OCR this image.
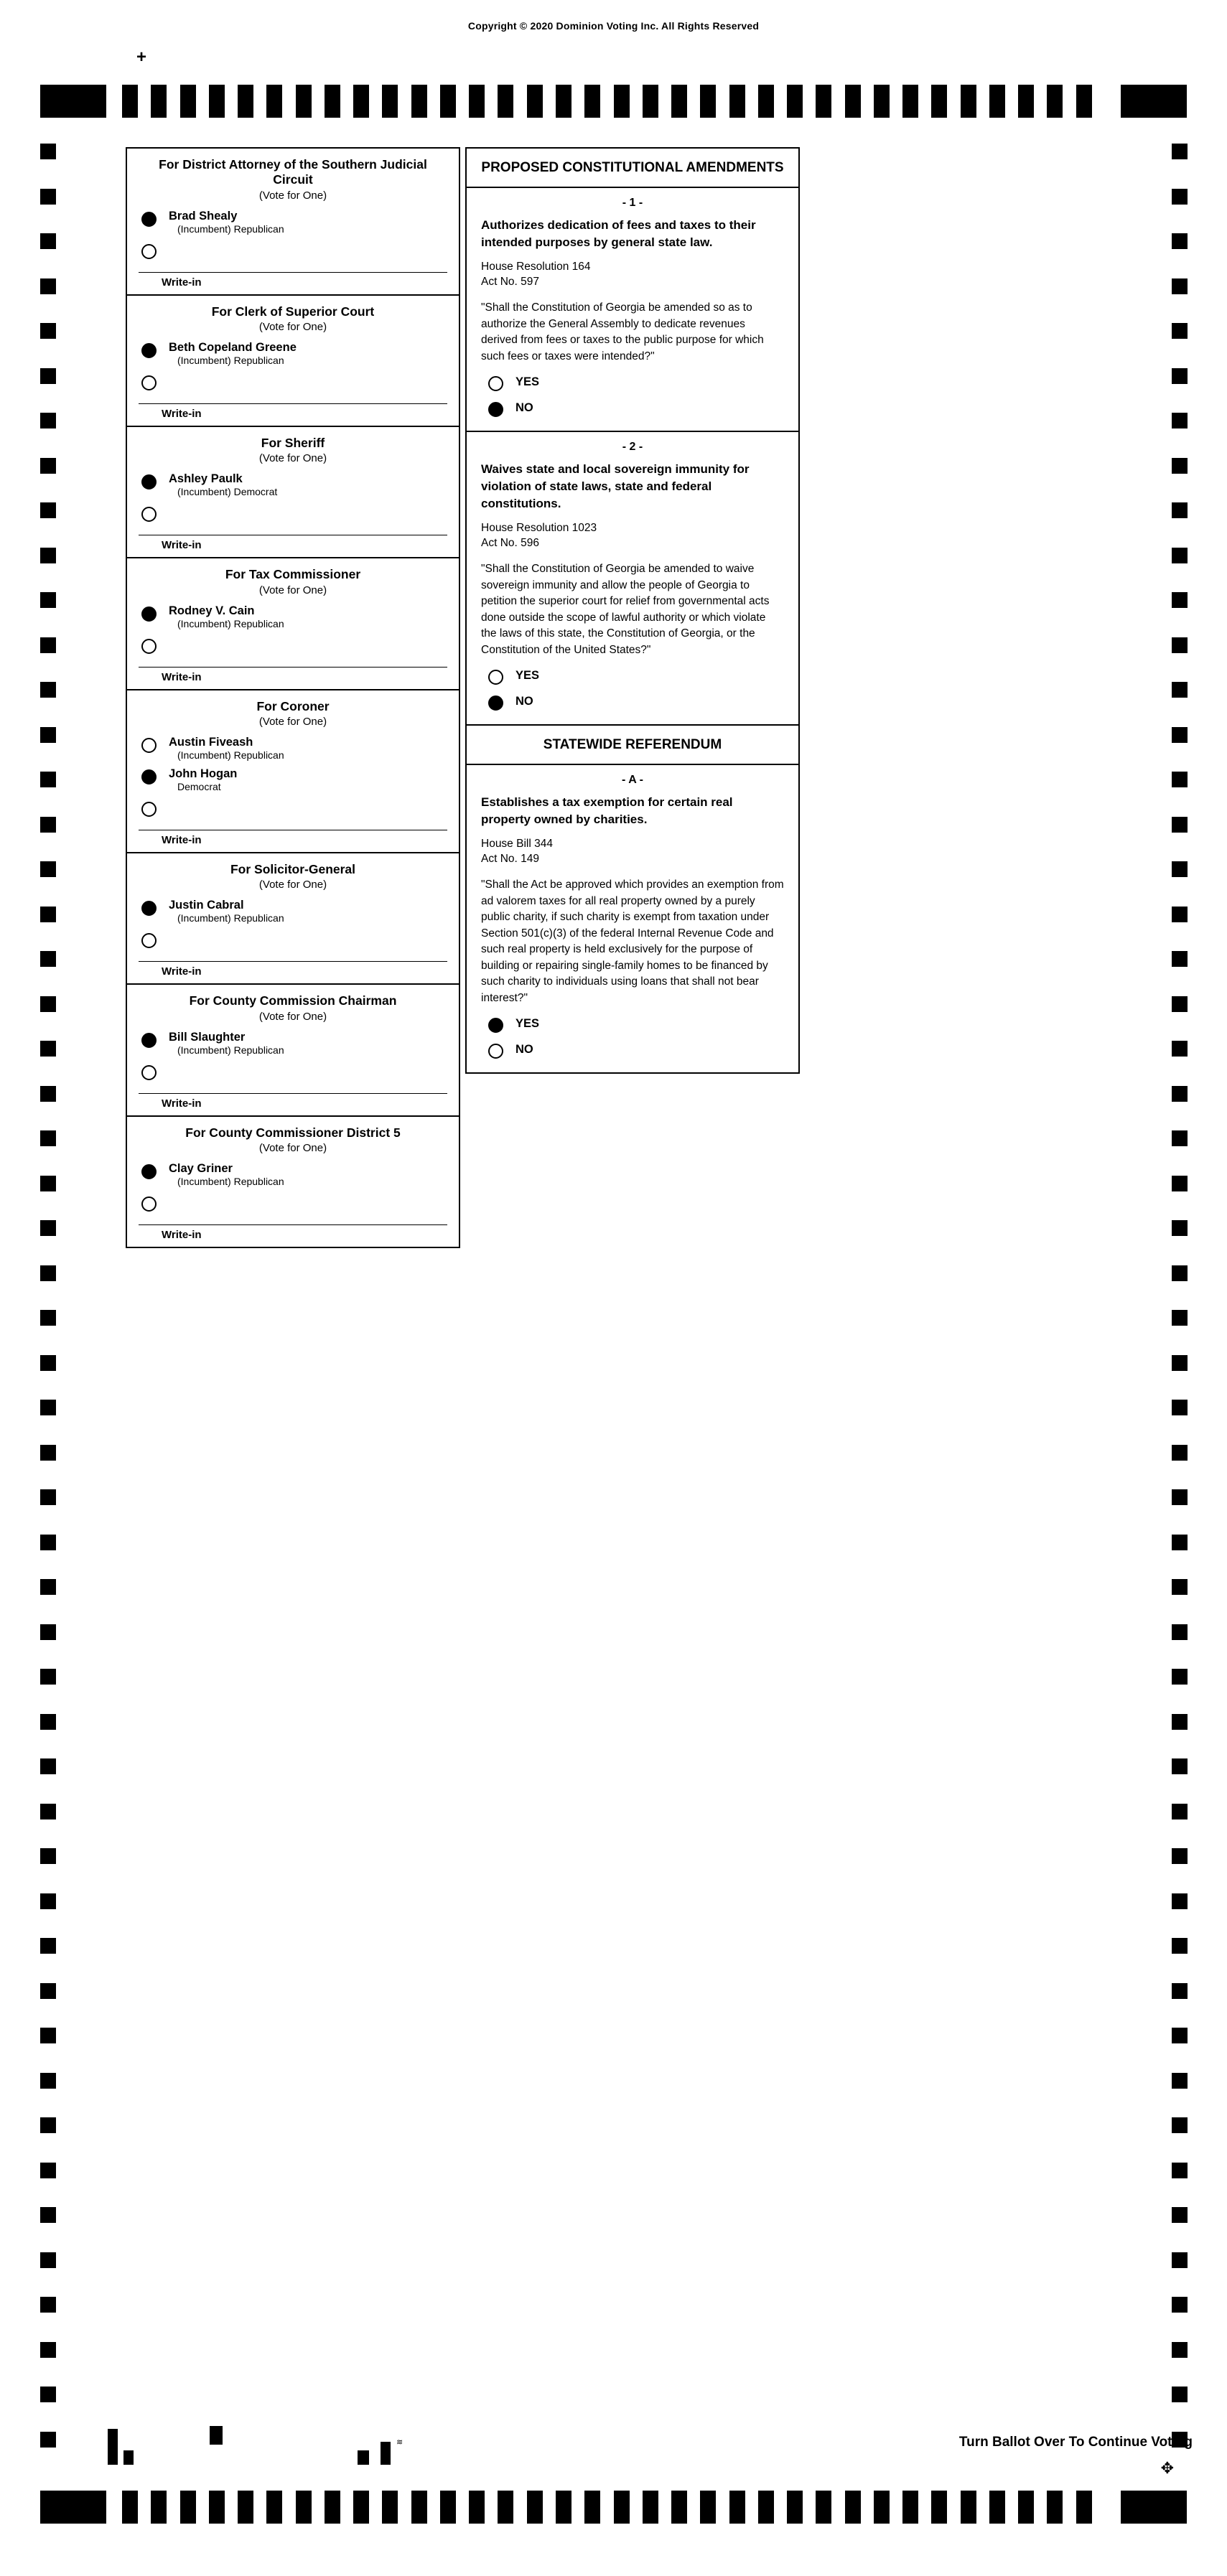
Copyright © 2020 Dominion Voting Inc. All Rights Reserved
+
≋	Turn Ballot Over To Continue Voting
✥
For District Attorney of the Southern Judicial Circuit
(Vote for One)
Brad Shealy
(Incumbent) Republican
Write-in
For Clerk of Superior Court
(Vote for One)
Beth Copeland Greene
(Incumbent) Republican
Write-in
For Sheriff
(Vote for One)
Ashley Paulk
(Incumbent) Democrat
Write-in
For Tax Commissioner
(Vote for One)
Rodney V. Cain
(Incumbent) Republican
Write-in
For Coroner
(Vote for One)
Austin Fiveash
(Incumbent) Republican
John Hogan
Democrat
Write-in
For Solicitor-General
(Vote for One)
Justin Cabral
(Incumbent) Republican
Write-in
For County Commission Chairman
(Vote for One)
Bill Slaughter
(Incumbent) Republican
Write-in
For County Commissioner District 5
(Vote for One)
Clay Griner
(Incumbent) Republican
Write-in
PROPOSED CONSTITUTIONAL AMENDMENTS
- 1 -
Authorizes dedication of fees and taxes to their intended purposes by general state law.
House Resolution 164
Act No. 597
"Shall the Constitution of Georgia be amended so as to authorize the General Assembly to dedicate revenues derived from fees or taxes to the public purpose for which such fees or taxes were intended?"
YES
NO
- 2 -
Waives state and local sovereign immunity for violation of state laws, state and federal constitutions.
House Resolution 1023
Act No. 596
"Shall the Constitution of Georgia be amended to waive sovereign immunity and allow the people of Georgia to petition the superior court for relief from governmental acts done outside the scope of lawful authority or which violate the laws of this state, the Constitution of Georgia, or the Constitution of the United States?"
YES
NO
STATEWIDE REFERENDUM
- A -
Establishes a tax exemption for certain real property owned by charities.
House Bill 344
Act No. 149
"Shall the Act be approved which provides an exemption from ad valorem taxes for all real property owned by a purely public charity, if such charity is exempt from taxation under Section 501(c)(3) of the federal Internal Revenue Code and such real property is held exclusively for the purpose of building or repairing single-family homes to be financed by such charity to individuals using loans that shall not bear interest?"
YES
NO
